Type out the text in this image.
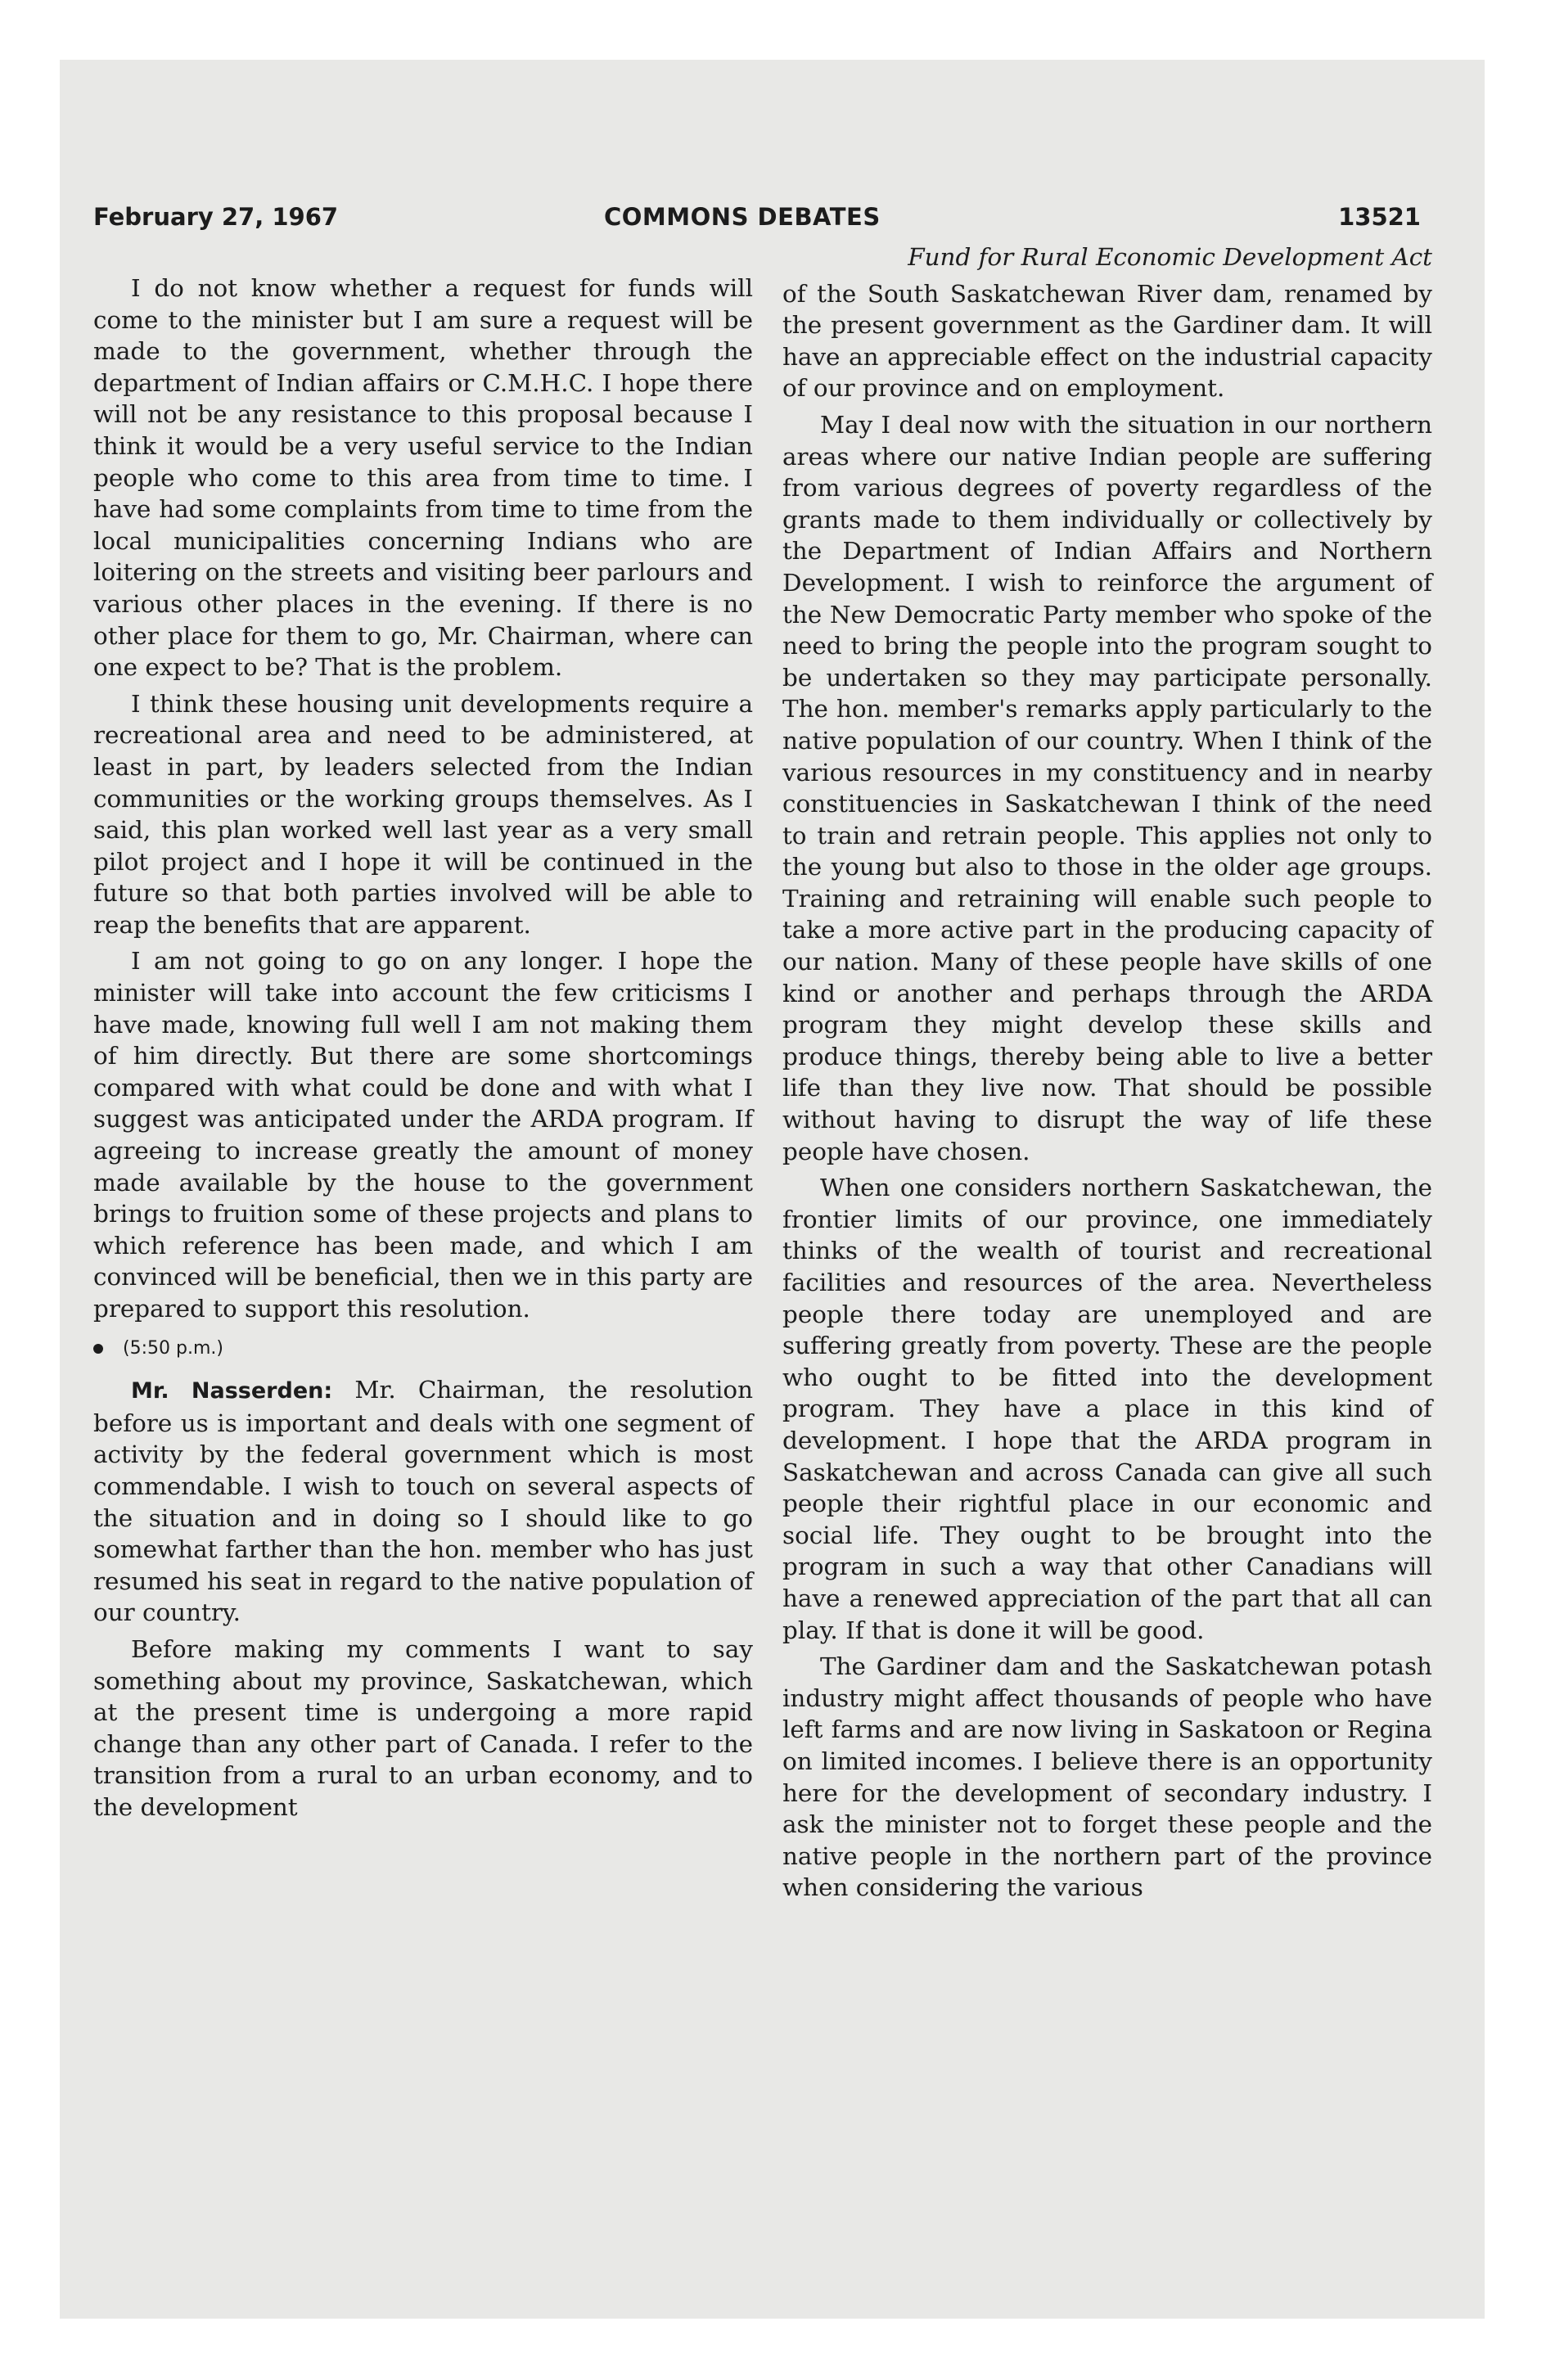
February 27, 1967	COMMONS DEBATES	13521

I do not know whether a request for funds will come to the minister but I am sure a request will be made to the government, whether through the department of Indian affairs or C.M.H.C. I hope there will not be any resistance to this proposal because I think it would be a very useful service to the Indian people who come to this area from time to time. I have had some complaints from time to time from the local municipalities concerning Indians who are loitering on the streets and visiting beer parlours and various other places in the evening. If there is no other place for them to go, Mr. Chairman, where can one expect to be? That is the problem.

I think these housing unit developments require a recreational area and need to be administered, at least in part, by leaders selected from the Indian communities or the working groups themselves. As I said, this plan worked well last year as a very small pilot project and I hope it will be continued in the future so that both parties involved will be able to reap the benefits that are apparent.

I am not going to go on any longer. I hope the minister will take into account the few criticisms I have made, knowing full well I am not making them of him directly. But there are some shortcomings compared with what could be done and with what I suggest was anticipated under the ARDA program. If agreeing to increase greatly the amount of money made available by the house to the government brings to fruition some of these projects and plans to which reference has been made, and which I am convinced will be beneficial, then we in this party are prepared to support this resolution.

(5:50 p.m.)

Mr. Nasserden: Mr. Chairman, the resolution before us is important and deals with one segment of activity by the federal government which is most commendable. I wish to touch on several aspects of the situation and in doing so I should like to go somewhat farther than the hon. member who has just resumed his seat in regard to the native population of our country.

Before making my comments I want to say something about my province, Saskatchewan, which at the present time is undergoing a more rapid change than any other part of Canada. I refer to the transition from a rural to an urban economy, and to the development

Fund for Rural Economic Development Act

of the South Saskatchewan River dam, renamed by the present government as the Gardiner dam. It will have an appreciable effect on the industrial capacity of our province and on employment.

May I deal now with the situation in our northern areas where our native Indian people are suffering from various degrees of poverty regardless of the grants made to them individually or collectively by the Department of Indian Affairs and Northern Development. I wish to reinforce the argument of the New Democratic Party member who spoke of the need to bring the people into the program sought to be undertaken so they may participate personally. The hon. member's remarks apply particularly to the native population of our country. When I think of the various resources in my constituency and in nearby constituencies in Saskatchewan I think of the need to train and retrain people. This applies not only to the young but also to those in the older age groups. Training and retraining will enable such people to take a more active part in the producing capacity of our nation. Many of these people have skills of one kind or another and perhaps through the ARDA program they might develop these skills and produce things, thereby being able to live a better life than they live now. That should be possible without having to disrupt the way of life these people have chosen.

When one considers northern Saskatchewan, the frontier limits of our province, one immediately thinks of the wealth of tourist and recreational facilities and resources of the area. Nevertheless people there today are unemployed and are suffering greatly from poverty. These are the people who ought to be fitted into the development program. They have a place in this kind of development. I hope that the ARDA program in Saskatchewan and across Canada can give all such people their rightful place in our economic and social life. They ought to be brought into the program in such a way that other Canadians will have a renewed appreciation of the part that all can play. If that is done it will be good.

The Gardiner dam and the Saskatchewan potash industry might affect thousands of people who have left farms and are now living in Saskatoon or Regina on limited incomes. I believe there is an opportunity here for the development of secondary industry. I ask the minister not to forget these people and the native people in the northern part of the province when considering the various
